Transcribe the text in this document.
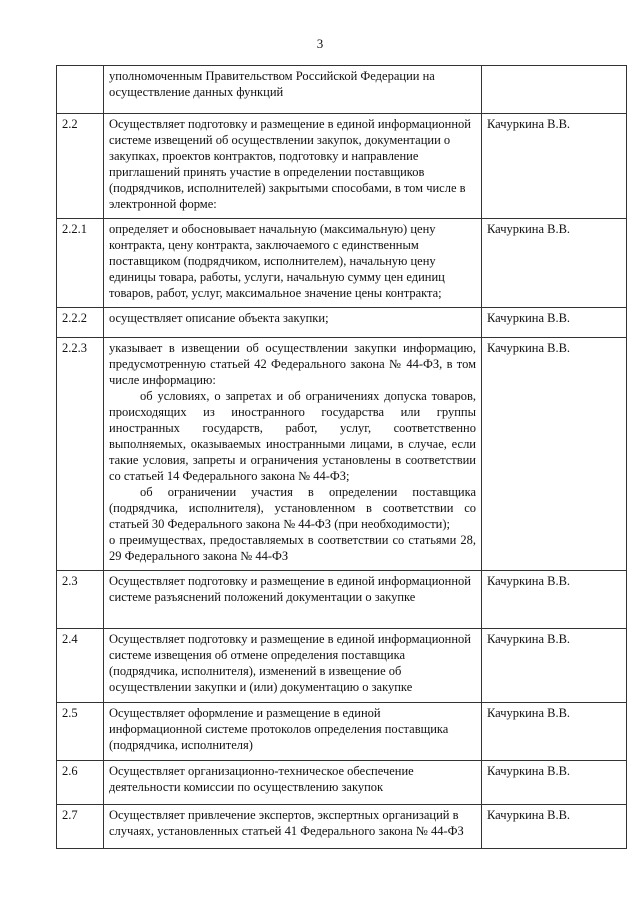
3

	уполномоченным Правительством Российской Федерации на осуществление данных функций	

2.2	Осуществляет подготовку и размещение в единой информационной системе извещений об осуществлении закупок, документации о закупках, проектов контрактов, подготовку и направление приглашений принять участие в определении поставщиков (подрядчиков, исполнителей) закрытыми способами, в том числе в электронной форме:	Качуркина В.В.
2.2.1	определяет и обосновывает начальную (максимальную) цену контракта, цену контракта, заключаемого с единственным поставщиком (подрядчиком, исполнителем), начальную цену единицы товара, работы, услуги, начальную сумму цен единиц товаров, работ, услуг, максимальное значение цены контракта;	Качуркина В.В.
2.2.2	осуществляет описание объекта закупки;	Качуркина В.В.
2.2.3	указывает в извещении об осуществлении закупки информацию, предусмотренную статьей 42 Федерального закона № 44-ФЗ, в том числе информацию:

об условиях, о запретах и об ограничениях допуска товаров, происходящих из иностранного государства или группы иностранных государств, работ, услуг, соответственно выполняемых, оказываемых иностранными лицами, в случае, если такие условия, запреты и ограничения установлены в соответствии со статьей 14 Федерального закона № 44-ФЗ;

об ограничении участия в определении поставщика (подрядчика, исполнителя), установленном в соответствии со статьей 30 Федерального закона № 44-ФЗ (при необходимости);

о преимуществах, предоставляемых в соответствии со статьями 28, 29 Федерального закона № 44-ФЗ	Качуркина В.В.
2.3	Осуществляет подготовку и размещение в единой информационной системе разъяснений положений документации о закупке	Качуркина В.В.
2.4	Осуществляет подготовку и размещение в единой информационной системе извещения об отмене определения поставщика (подрядчика, исполнителя), изменений в извещение об осуществлении закупки и (или) документацию о закупке	Качуркина В.В.
2.5	Осуществляет оформление и размещение в единой информационной системе протоколов определения поставщика (подрядчика, исполнителя)	Качуркина В.В.
2.6	Осуществляет организационно-техническое обеспечение деятельности комиссии по осуществлению закупок	Качуркина В.В.
2.7	Осуществляет привлечение экспертов, экспертных организаций в случаях, установленных статьей 41 Федерального закона № 44-ФЗ	Качуркина В.В.
